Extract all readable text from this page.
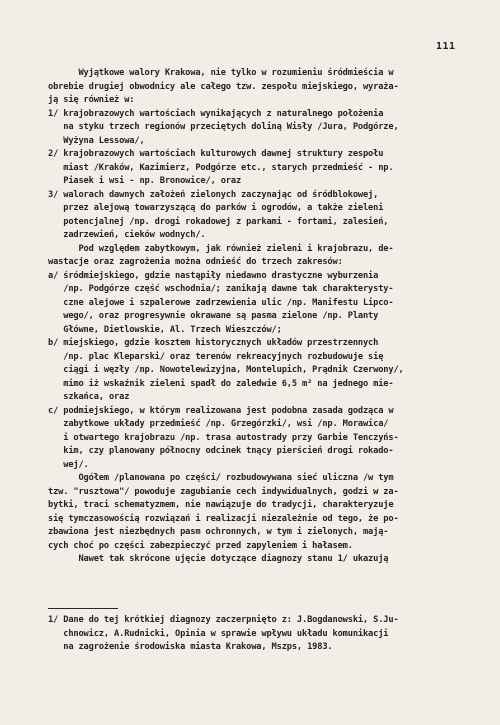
111
Wyjątkowe walory Krakowa, nie tylko w rozumieniu śródmieścia w
obrebie drugiej obwodnicy ale całego tzw. zespołu miejskiego, wyraża-
ją się również w:
1/ krajobrazowych wartościach wynikających z naturalnego położenia
na styku trzech regionów przeciętych doliną Wisły /Jura, Podgórze,
Wyżyna Lessowa/,
2/ krajobrazowych wartościach kulturowych dawnej struktury zespołu
miast /Kraków, Kazimierz, Podgórze etc., starych przedmieść - np.
Piasek i wsi - np. Bronowice/, oraz
3/ walorach dawnych założeń zielonych zaczynając od śródblokowej,
przez alejową towarzyszącą do parków i ogrodów, a także zieleni
potencjalnej /np. drogi rokadowej z parkami - fortami, zalesień,
zadrzewień, cieków wodnych/.
Pod względem zabytkowym, jak również zieleni i krajobrazu, de-
wastacje oraz zagrożenia można odnieść do trzech zakresów:
a/ śródmiejskiego, gdzie nastąpiły niedawno drastyczne wyburzenia
/np. Podgórze część wschodnia/; zanikają dawne tak charakterysty-
czne alejowe i szpalerowe zadrzewienia ulic /np. Manifestu Lipco-
wego/, oraz progresywnie okrawane są pasma zielone /np. Planty
Główne, Dietlowskie, Al. Trzech Wieszczów/;
b/ miejskiego, gdzie kosztem historycznych układów przestrzennych
/np. plac Kleparski/ oraz terenów rekreacyjnych rozbudowuje się
ciągi i węzły /np. Nowotelewizyjna, Montelupich, Prądnik Czerwony/,
mimo iż wskaźnik zieleni spadł do zaledwie 6,5 m² na jednego mie-
szkańca, oraz
c/ podmiejskiego, w którym realizowana jest podobna zasada godząca w
zabytkowe układy przedmieść /np. Grzegórzki/, wsi /np. Morawica/
i otwartego krajobrazu /np. trasa autostrady przy Garbie Tenczyńs-
kim, czy planowany północny odcinek tnący pierścień drogi rokado-
wej/.
Ogółem /planowana po części/ rozbudowywana sieć uliczna /w tym
tzw. "rusztowa"/ powoduje zagubianie cech indywidualnych, godzi w za-
bytki, traci schematyzmem, nie nawiązuje do tradycji, charakteryzuje
się tymczasowością rozwiązań i realizacji niezależnie od tego, że po-
zbawiona jest niezbędnych pasm ochronnych, w tym i zielonych, mają-
cych choć po części zabezpieczyć przed zapyleniem i hałasem.
Nawet tak skrócone ujęcie dotyczące diagnozy stanu 1/ ukazują
1/ Dane do tej krótkiej diagnozy zaczerpnięto z: J.Bogdanowski, S.Ju-
chnowicz, A.Rudnicki, Opinia w sprawie wpływu układu komunikacji
na zagrożenie środowiska miasta Krakowa, Mszps, 1983.
